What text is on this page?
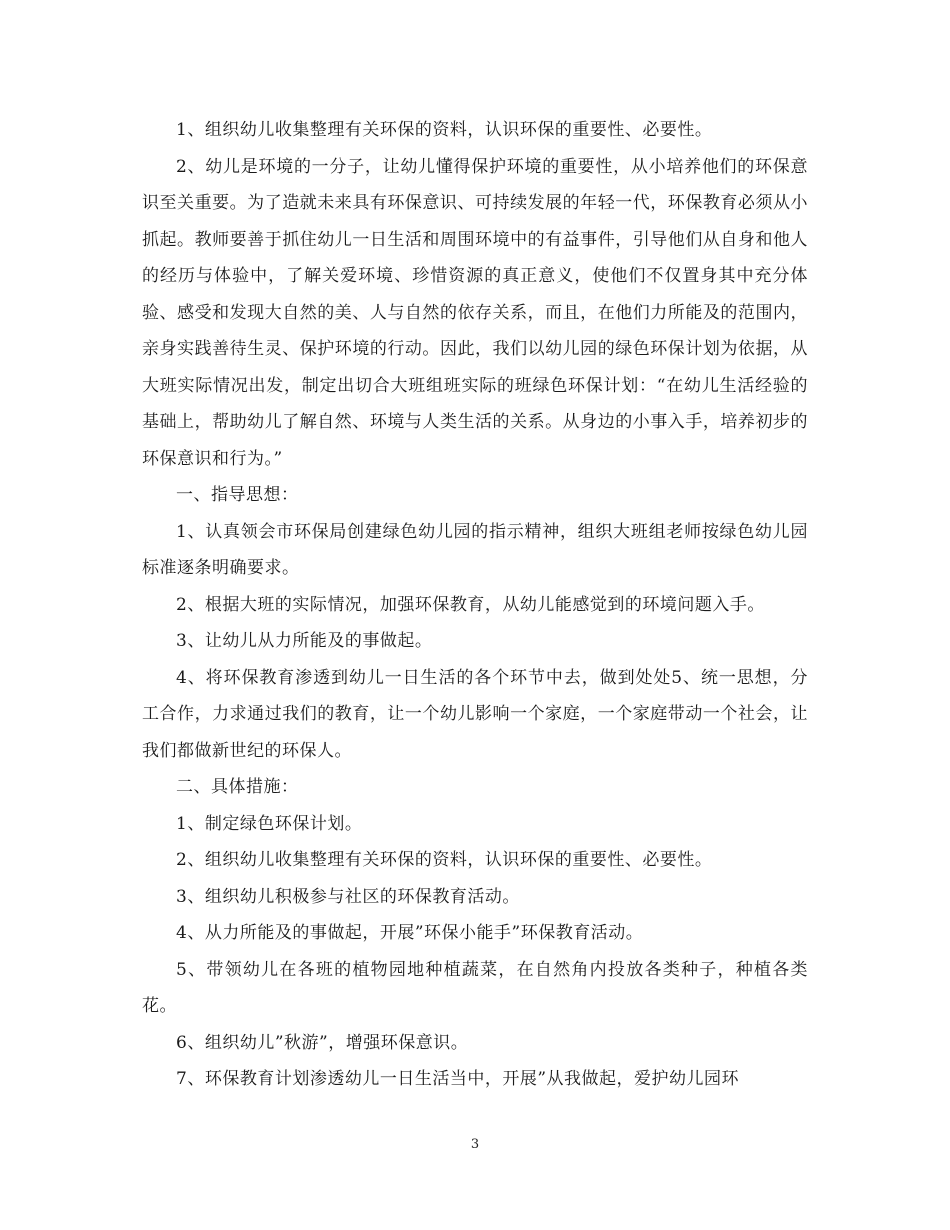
1、组织幼儿收集整理有关环保的资料，认识环保的重要性、必要性。

2、幼儿是环境的一分子，让幼儿懂得保护环境的重要性，从小培养他们的环保意识至关重要。为了造就未来具有环保意识、可持续发展的年轻一代，环保教育必须从小抓起。教师要善于抓住幼儿一日生活和周围环境中的有益事件，引导他们从自身和他人的经历与体验中，了解关爱环境、珍惜资源的真正意义，使他们不仅置身其中充分体验、感受和发现大自然的美、人与自然的依存关系，而且，在他们力所能及的范围内，亲身实践善待生灵、保护环境的行动。因此，我们以幼儿园的绿色环保计划为依据，从大班实际情况出发，制定出切合大班组班实际的班绿色环保计划：“在幼儿生活经验的基础上，帮助幼儿了解自然、环境与人类生活的关系。从身边的小事入手，培养初步的环保意识和行为。”

一、指导思想：

1、认真领会市环保局创建绿色幼儿园的指示精神，组织大班组老师按绿色幼儿园标准逐条明确要求。

2、根据大班的实际情况，加强环保教育，从幼儿能感觉到的环境问题入手。

3、让幼儿从力所能及的事做起。

4、将环保教育渗透到幼儿一日生活的各个环节中去，做到处处5、统一思想，分工合作，力求通过我们的教育，让一个幼儿影响一个家庭，一个家庭带动一个社会，让我们都做新世纪的环保人。

二、具体措施：

1、制定绿色环保计划。

2、组织幼儿收集整理有关环保的资料，认识环保的重要性、必要性。

3、组织幼儿积极参与社区的环保教育活动。

4、从力所能及的事做起，开展”环保小能手”环保教育活动。

5、带领幼儿在各班的植物园地种植蔬菜，在自然角内投放各类种子，种植各类花。

6、组织幼儿”秋游”，增强环保意识。

7、环保教育计划渗透幼儿一日生活当中，开展”从我做起，爱护幼儿园环

3
